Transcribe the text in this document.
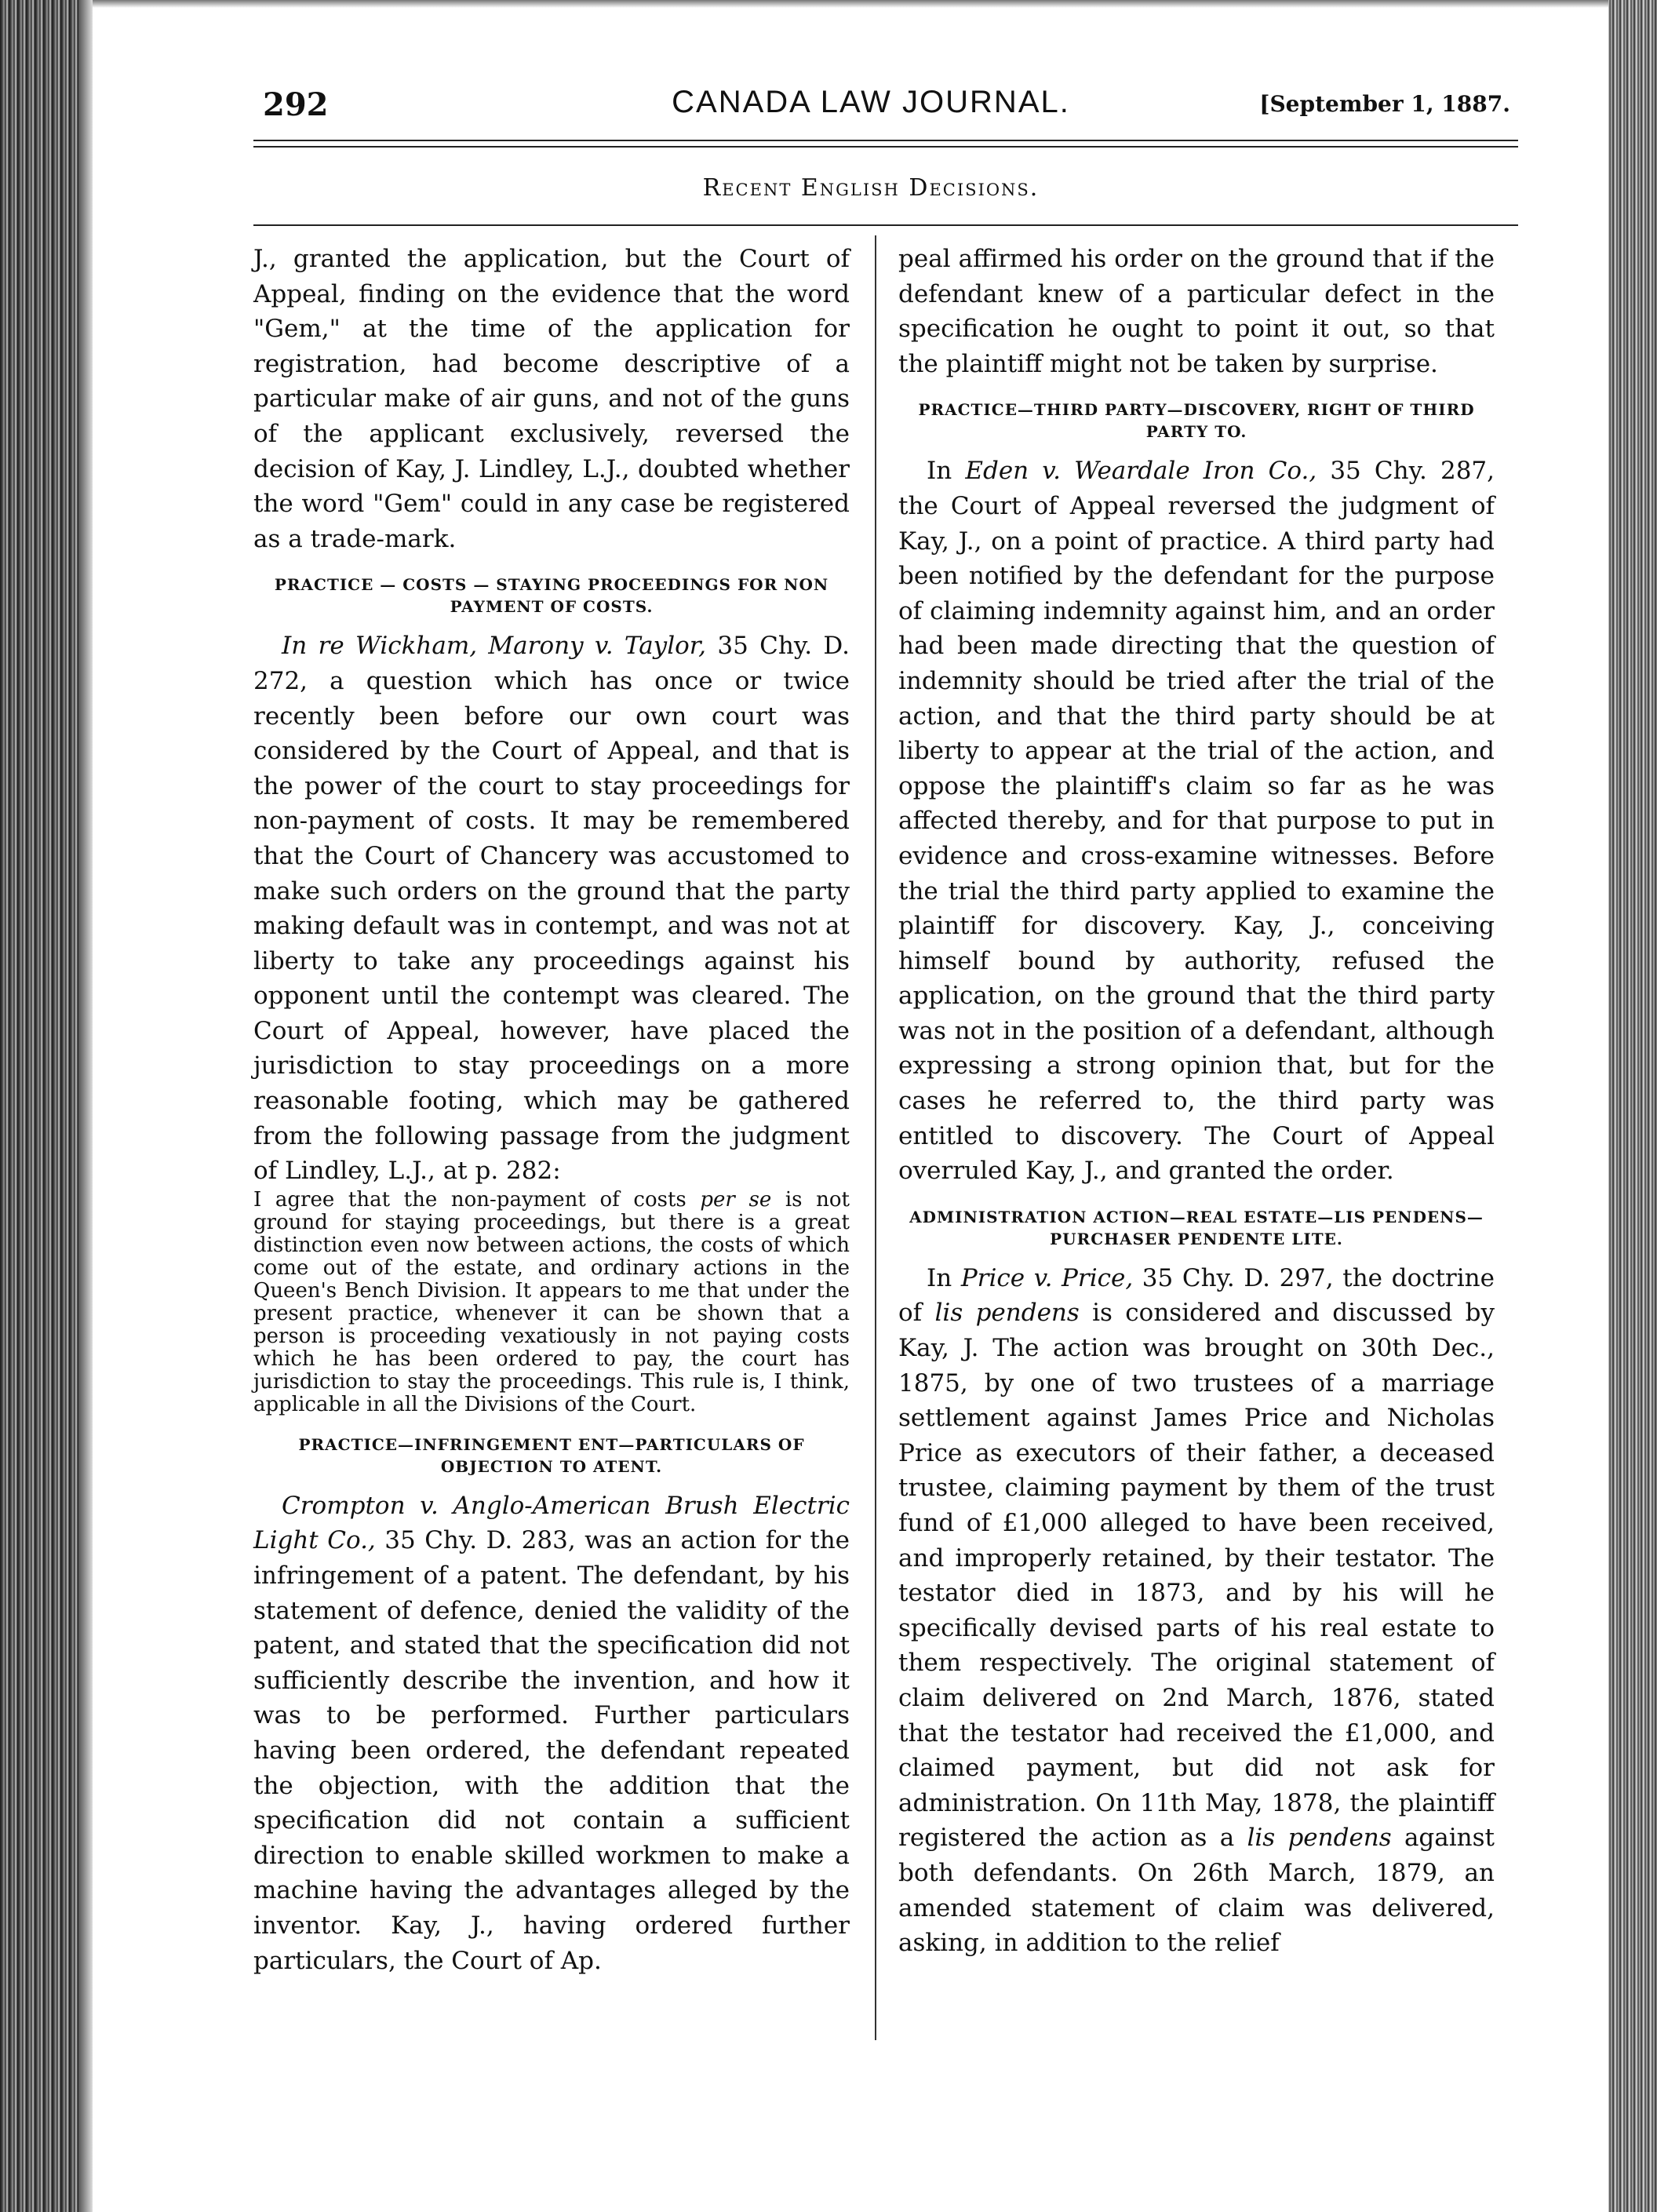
292	CANADA LAW JOURNAL.	[September 1, 1887.
Recent English Decisions.

J., granted the application, but the Court of Appeal, finding on the evidence that the word "Gem," at the time of the application for registration, had become descriptive of a particular make of air guns, and not of the guns of the applicant exclusively, reversed the decision of Kay, J. Lindley, L.J., doubted whether the word "Gem" could in any case be registered as a trade-mark.

PRACTICE — COSTS — STAYING PROCEEDINGS FOR NON PAYMENT OF COSTS.

In re Wickham, Marony v. Taylor, 35 Chy. D. 272, a question which has once or twice recently been before our own court was considered by the Court of Appeal, and that is the power of the court to stay proceedings for non-payment of costs. It may be remembered that the Court of Chancery was accustomed to make such orders on the ground that the party making default was in contempt, and was not at liberty to take any proceedings against his opponent until the contempt was cleared. The Court of Appeal, however, have placed the jurisdiction to stay proceedings on a more reasonable footing, which may be gathered from the following passage from the judgment of Lindley, L.J., at p. 282:

I agree that the non-payment of costs per se is not ground for staying proceedings, but there is a great distinction even now between actions, the costs of which come out of the estate, and ordinary actions in the Queen's Bench Division. It appears to me that under the present practice, whenever it can be shown that a person is proceeding vexatiously in not paying costs which he has been ordered to pay, the court has jurisdiction to stay the proceedings. This rule is, I think, applicable in all the Divisions of the Court.

PRACTICE—INFRINGEMENT ENT—PARTICULARS OF OBJECTION TO ATENT.

Crompton v. Anglo-American Brush Electric Light Co., 35 Chy. D. 283, was an action for the infringement of a patent. The defendant, by his statement of defence, denied the validity of the patent, and stated that the specification did not sufficiently describe the invention, and how it was to be performed. Further particulars having been ordered, the defendant repeated the objection, with the addition that the specification did not contain a sufficient direction to enable skilled workmen to make a machine having the advantages alleged by the inventor. Kay, J., having ordered further particulars, the Court of Ap.

peal affirmed his order on the ground that if the defendant knew of a particular defect in the specification he ought to point it out, so that the plaintiff might not be taken by surprise.

PRACTICE—THIRD PARTY—DISCOVERY, RIGHT OF THIRD PARTY TO.

In Eden v. Weardale Iron Co., 35 Chy. 287, the Court of Appeal reversed the judgment of Kay, J., on a point of practice. A third party had been notified by the defendant for the purpose of claiming indemnity against him, and an order had been made directing that the question of indemnity should be tried after the trial of the action, and that the third party should be at liberty to appear at the trial of the action, and oppose the plaintiff's claim so far as he was affected thereby, and for that purpose to put in evidence and cross-examine witnesses. Before the trial the third party applied to examine the plaintiff for discovery. Kay, J., conceiving himself bound by authority, refused the application, on the ground that the third party was not in the position of a defendant, although expressing a strong opinion that, but for the cases he referred to, the third party was entitled to discovery. The Court of Appeal overruled Kay, J., and granted the order.

ADMINISTRATION ACTION—REAL ESTATE—LIS PENDENS—PURCHASER PENDENTE LITE.

In Price v. Price, 35 Chy. D. 297, the doctrine of lis pendens is considered and discussed by Kay, J. The action was brought on 30th Dec., 1875, by one of two trustees of a marriage settlement against James Price and Nicholas Price as executors of their father, a deceased trustee, claiming payment by them of the trust fund of £1,000 alleged to have been received, and improperly retained, by their testator. The testator died in 1873, and by his will he specifically devised parts of his real estate to them respectively. The original statement of claim delivered on 2nd March, 1876, stated that the testator had received the £1,000, and claimed payment, but did not ask for administration. On 11th May, 1878, the plaintiff registered the action as a lis pendens against both defendants. On 26th March, 1879, an amended statement of claim was delivered, asking, in addition to the relief
